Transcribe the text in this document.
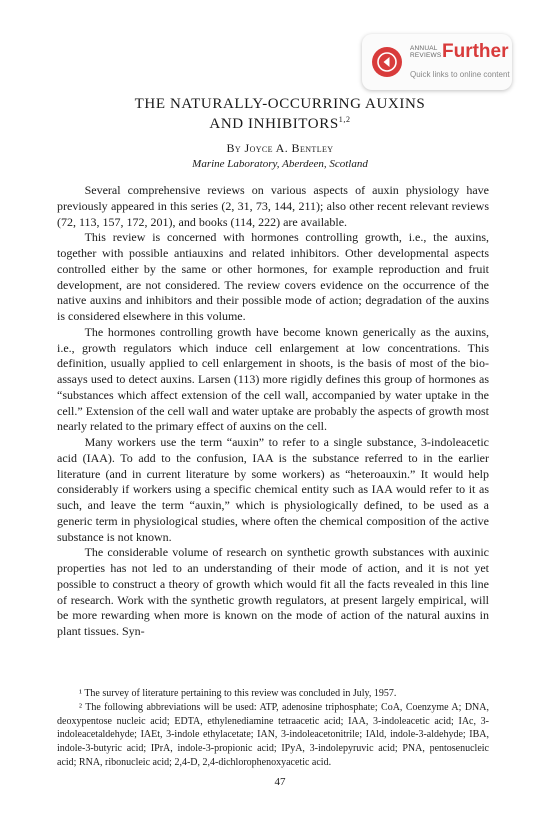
ANNUAL
REVIEWS Further
Quick links to online content
THE NATURALLY-OCCURRING AUXINS
AND INHIBITORS$^{1,2}$
By Joyce A. Bentley
Marine Laboratory, Aberdeen, Scotland

Several comprehensive reviews on various aspects of auxin physiology have previously appeared in this series (2, 31, 73, 144, 211); also other recent relevant reviews (72, 113, 157, 172, 201), and books (114, 222) are available.

This review is concerned with hormones controlling growth, i.e., the auxins, together with possible antiauxins and related inhibitors. Other developmental aspects controlled either by the same or other hormones, for example reproduction and fruit development, are not considered. The review covers evidence on the occurrence of the native auxins and inhibitors and their possible mode of action; degradation of the auxins is considered elsewhere in this volume.

The hormones controlling growth have become known generically as the auxins, i.e., growth regulators which induce cell enlargement at low concentrations. This definition, usually applied to cell enlargement in shoots, is the basis of most of the bio-assays used to detect auxins. Larsen (113) more rigidly defines this group of hormones as “substances which affect extension of the cell wall, accompanied by water uptake in the cell.” Extension of the cell wall and water uptake are probably the aspects of growth most nearly related to the primary effect of auxins on the cell.

Many workers use the term “auxin” to refer to a single substance, 3-indoleacetic acid (IAA). To add to the confusion, IAA is the substance referred to in the earlier literature (and in current literature by some workers) as “heteroauxin.” It would help considerably if workers using a specific chemical entity such as IAA would refer to it as such, and leave the term “auxin,” which is physiologically defined, to be used as a generic term in physiological studies, where often the chemical composition of the active substance is not known.

The considerable volume of research on synthetic growth substances with auxinic properties has not led to an understanding of their mode of action, and it is not yet possible to construct a theory of growth which would fit all the facts revealed in this line of research. Work with the synthetic growth regulators, at present largely empirical, will be more rewarding when more is known on the mode of action of the natural auxins in plant tissues. Syn-

¹ The survey of literature pertaining to this review was concluded in July, 1957.

² The following abbreviations will be used: ATP, adenosine triphosphate; CoA, Coenzyme A; DNA, deoxypentose nucleic acid; EDTA, ethylenediamine tetraacetic acid; IAA, 3-indoleacetic acid; IAc, 3-indoleacetaldehyde; IAEt, 3-indole ethylacetate; IAN, 3-indoleacetonitrile; IAld, indole-3-aldehyde; IBA, indole-3-butyric acid; IPrA, indole-3-propionic acid; IPyA, 3-indolepyruvic acid; PNA, pentosenucleic acid; RNA, ribonucleic acid; 2,4-D, 2,4-dichlorophenoxyacetic acid.

47
